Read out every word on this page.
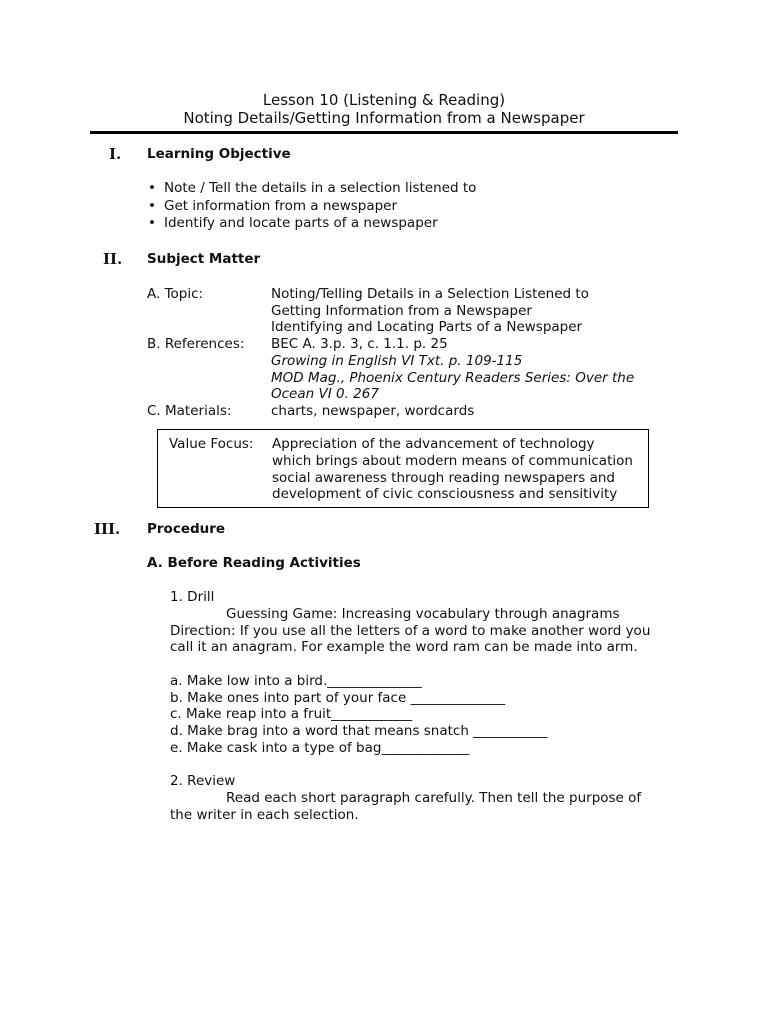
Lesson 10 (Listening & Reading)
Noting Details/Getting Information from a Newspaper
I. Learning Objective
• Note / Tell the details in a selection listened to
• Get information from a newspaper
• Identify and locate parts of a newspaper
II. Subject Matter
A. Topic:	Noting/Telling Details in a Selection Listened to
Getting Information from a Newspaper
Identifying and Locating Parts of a Newspaper
B. References: BEC A. 3.p. 3, c. 1.1. p. 25
Growing in English VI Txt. p. 109-115
MOD Mag., Phoenix Century Readers Series: Over the
Ocean VI 0. 267
C. Materials:	charts, newspaper, wordcards
Value Focus: Appreciation of the advancement of technology
which brings about modern means of communication
social awareness through reading newspapers and
development of civic consciousness and sensitivity
III. Procedure
A. Before Reading Activities
1. Drill
Guessing Game: Increasing vocabulary through anagrams
Direction: If you use all the letters of a word to make another word you
call it an anagram. For example the word ram can be made into arm.
a. Make low into a bird.______________
b. Make ones into part of your face ______________
c. Make reap into a fruit____________
d. Make brag into a word that means snatch ___________
e. Make cask into a type of bag_____________
2. Review
Read each short paragraph carefully. Then tell the purpose of
the writer in each selection.
